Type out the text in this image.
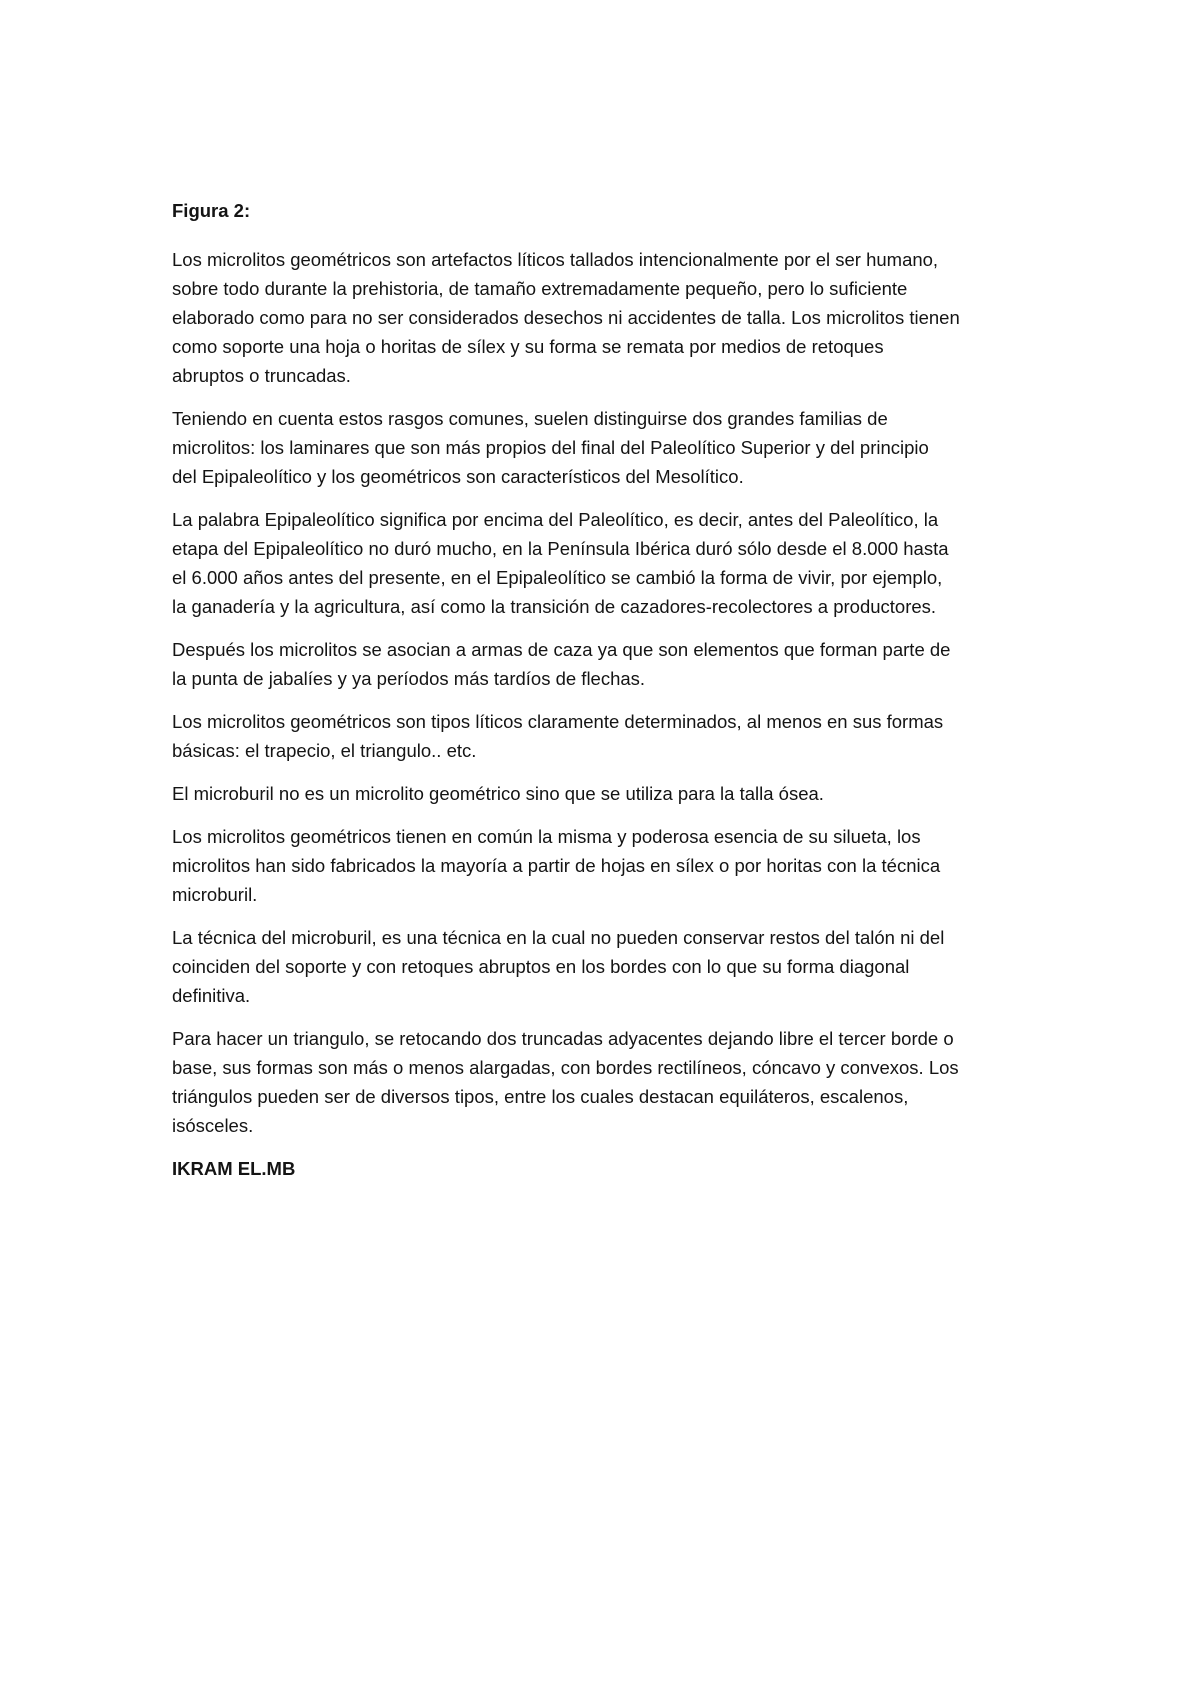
Figura 2:

Los microlitos geométricos son artefactos líticos tallados intencionalmente por el ser humano,
sobre todo durante la prehistoria, de tamaño extremadamente pequeño, pero lo suficiente
elaborado como para no ser considerados desechos ni accidentes de talla. Los microlitos tienen
como soporte una hoja o horitas de sílex y su forma se remata por medios de retoques
abruptos o truncadas.

Teniendo en cuenta estos rasgos comunes, suelen distinguirse dos grandes familias de
microlitos: los laminares que son más propios del final del Paleolítico Superior y del principio
del Epipaleolítico y los geométricos son característicos del Mesolítico.

La palabra Epipaleolítico significa por encima del Paleolítico, es decir, antes del Paleolítico, la
etapa del Epipaleolítico no duró mucho, en la Península Ibérica duró sólo desde el 8.000 hasta
el 6.000 años antes del presente, en el Epipaleolítico se cambió la forma de vivir, por ejemplo,
la ganadería y la agricultura, así como la transición de cazadores-recolectores a productores.

Después los microlitos se asocian a armas de caza ya que son elementos que forman parte de
la punta de jabalíes y ya períodos más tardíos de flechas.

Los microlitos geométricos son tipos líticos claramente determinados, al menos en sus formas
básicas: el trapecio, el triangulo.. etc.

El microburil no es un microlito geométrico sino que se utiliza para la talla ósea.

Los microlitos geométricos tienen en común la misma y poderosa esencia de su silueta, los
microlitos han sido fabricados la mayoría a partir de hojas en sílex o por horitas con la técnica
microburil.

La técnica del microburil, es una técnica en la cual no pueden conservar restos del talón ni del
coinciden del soporte y con retoques abruptos en los bordes con lo que su forma diagonal
definitiva.

Para hacer un triangulo, se retocando dos truncadas adyacentes dejando libre el tercer borde o
base, sus formas son más o menos alargadas, con bordes rectilíneos, cóncavo y convexos. Los
triángulos pueden ser de diversos tipos, entre los cuales destacan equiláteros, escalenos,
isósceles.

IKRAM EL.MB
